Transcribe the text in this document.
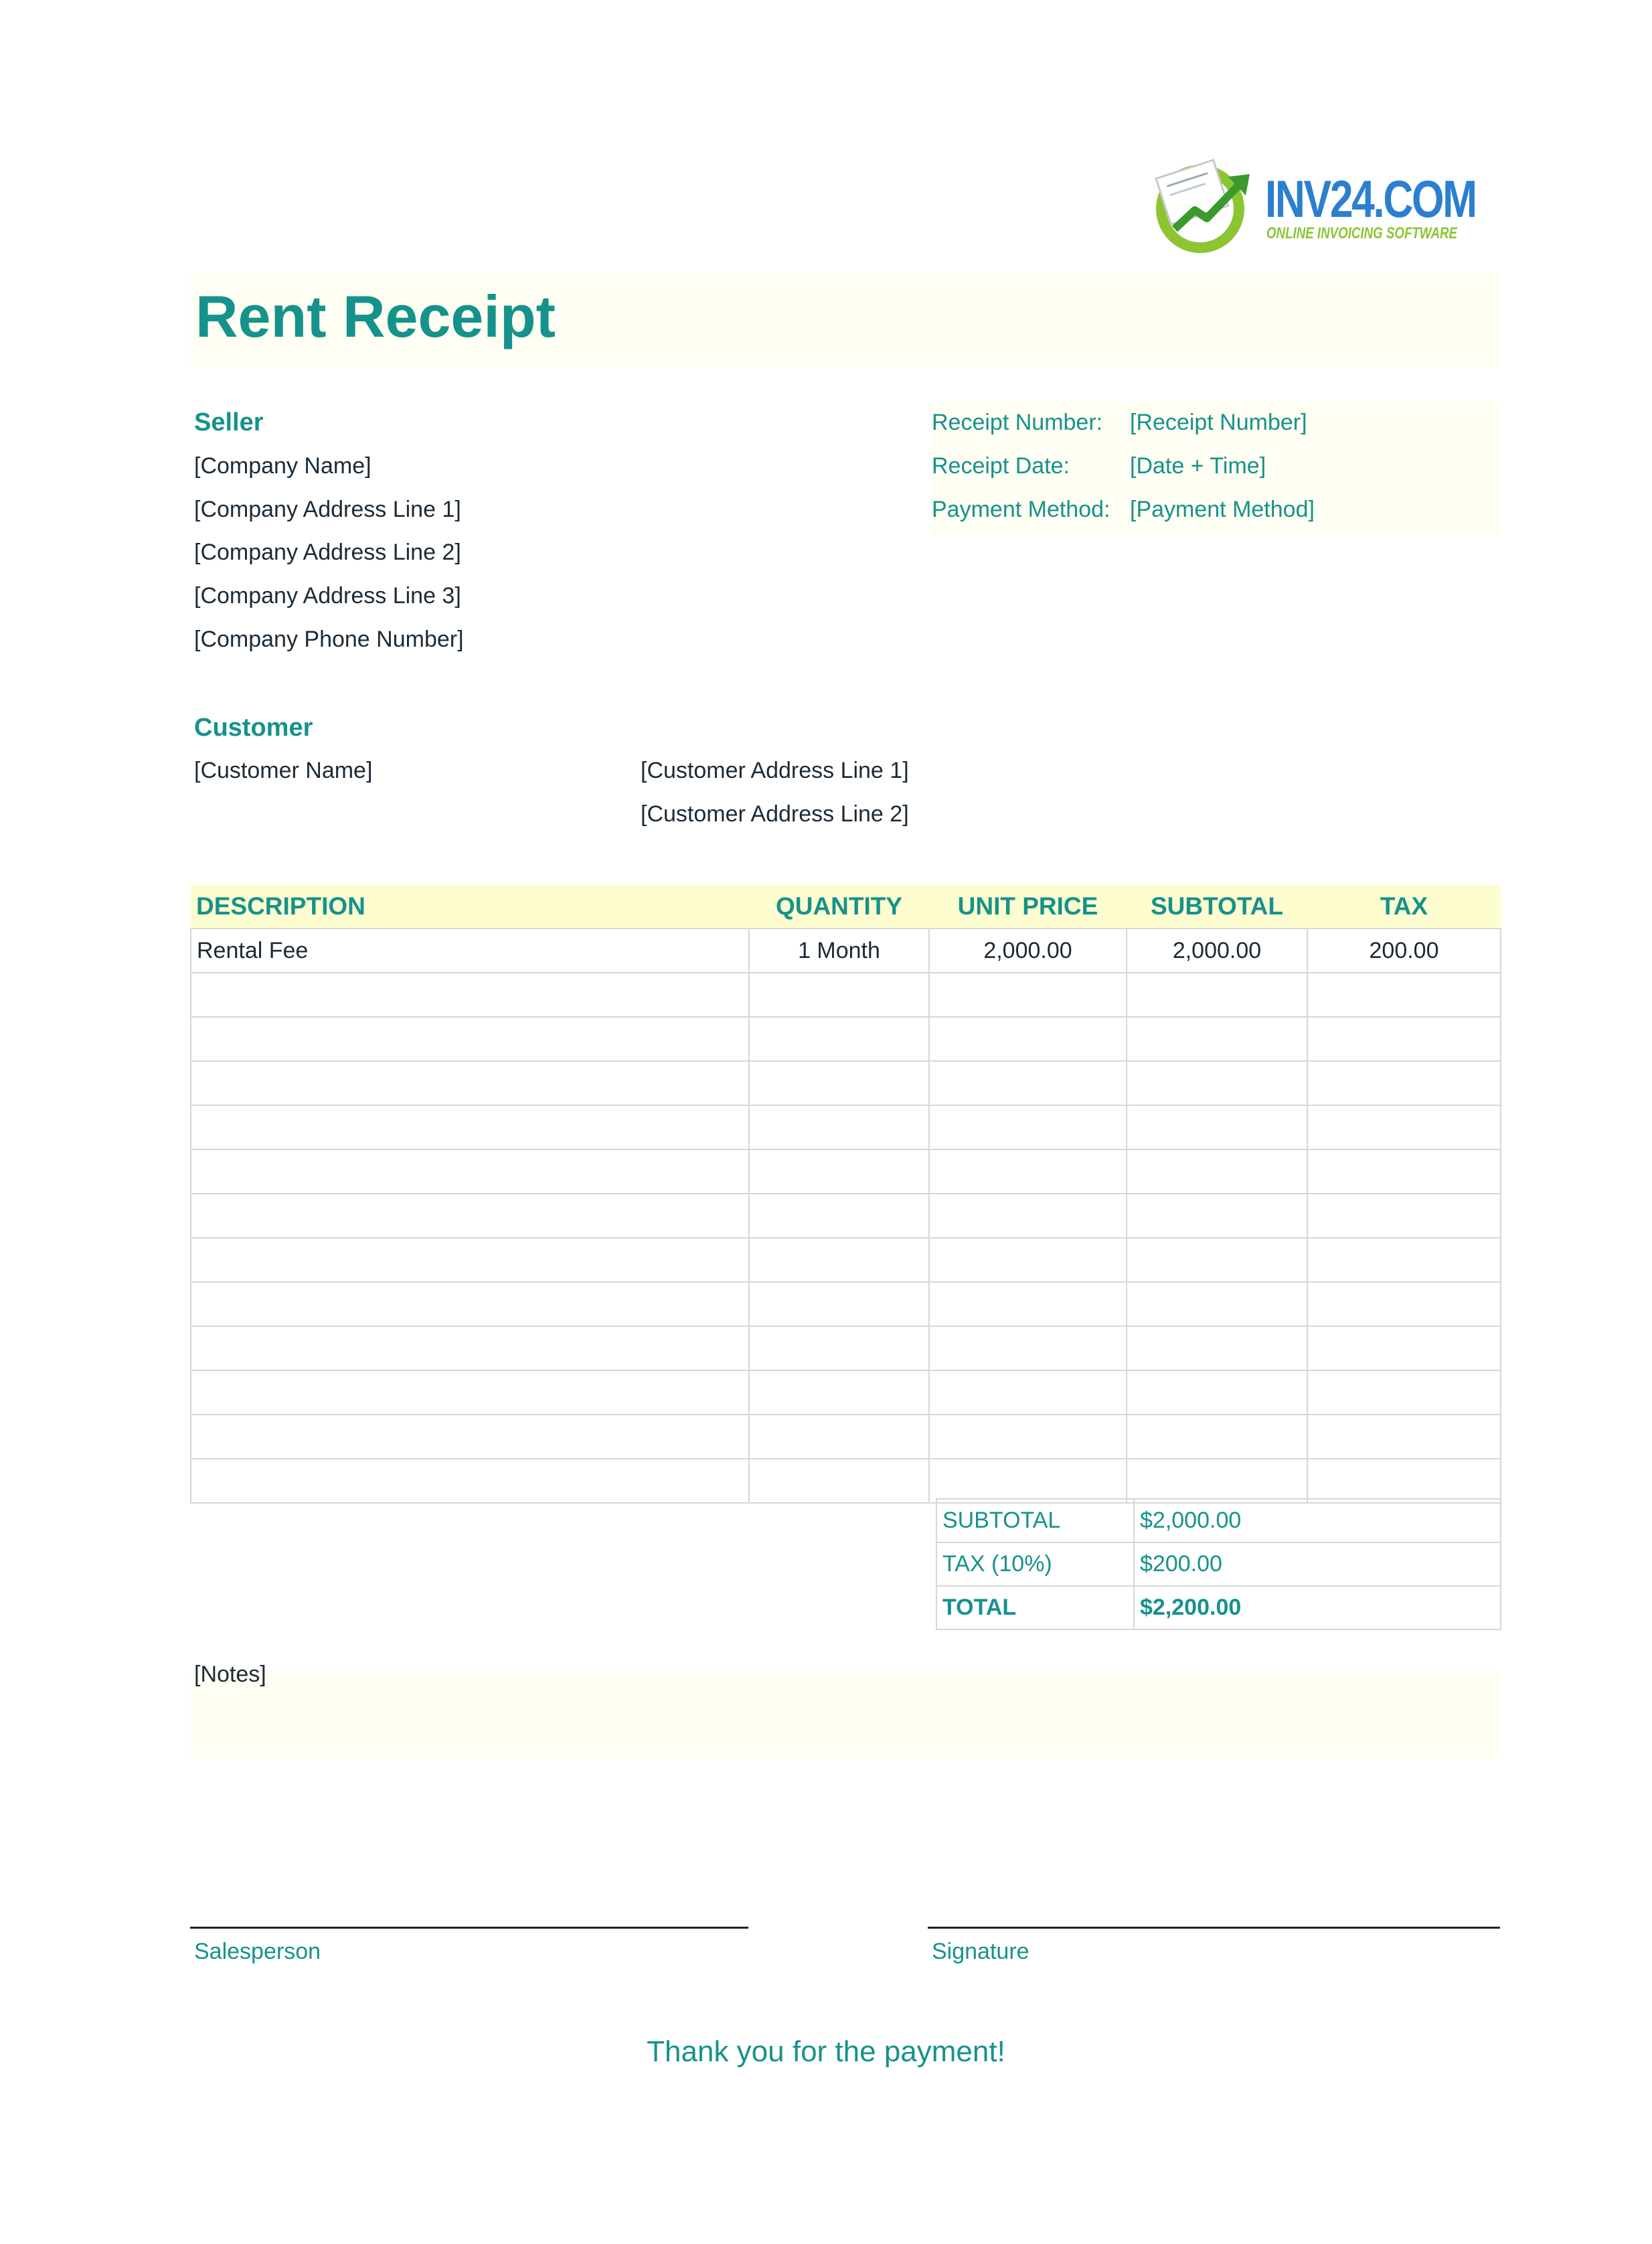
INV24.COM
ONLINE INVOICING SOFTWARE
Rent Receipt
Seller
[Company Name]
[Company Address Line 1]
[Company Address Line 2]
[Company Address Line 3]
[Company Phone Number]
Receipt Number: [Receipt Number]
Receipt Date:	[Date + Time]
Payment Method: [Payment Method]
Customer
[Customer Name]	[Customer Address Line 1]
[Customer Address Line 2]
DESCRIPTION	QUANTITY	UNIT PRICE	SUBTOTAL	TAX
Rental Fee	1 Month	2,000.00	2,000.00	200.00

SUBTOTAL	$2,000.00
TAX (10%)	$200.00
TOTAL	$2,200.00
[Notes]
Salesperson	Signature
Thank you for the payment!
